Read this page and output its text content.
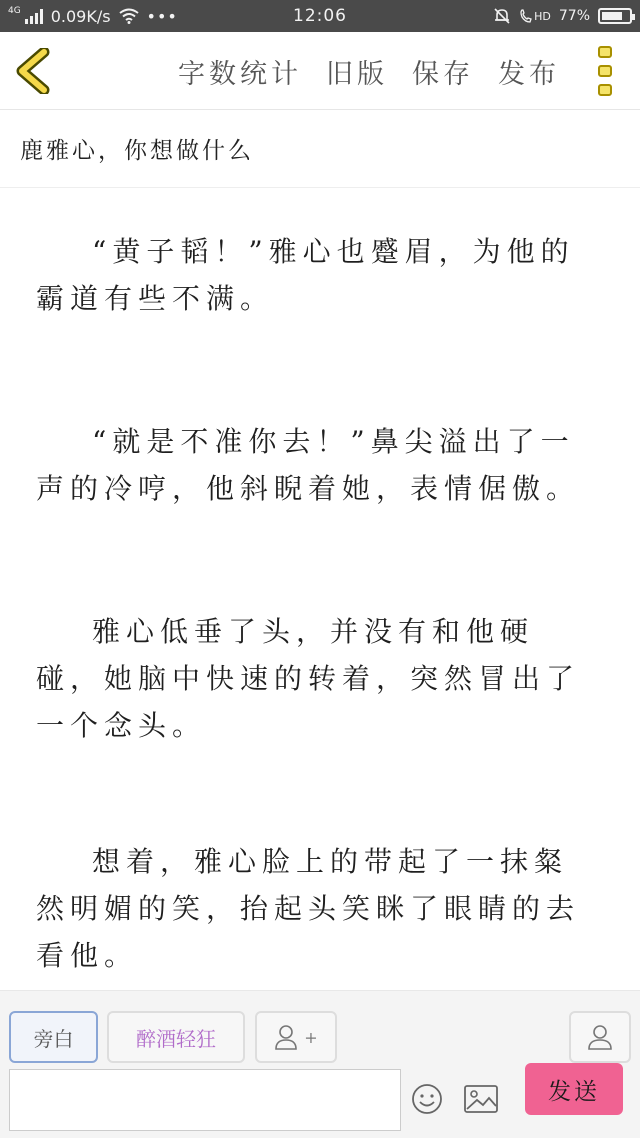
4G 0.09K/s •••	12:06	HD 77%
字数统计 旧版 保存 发布
鹿雅心，你想做什么

“黄子韬！”雅心也蹙眉，为他的霸道有些不满。

“就是不准你去！”鼻尖溢出了一声的冷哼，他斜睨着她，表情倨傲。

雅心低垂了头，并没有和他硬碰，她脑中快速的转着，突然冒出了一个念头。

想着，雅心脸上的带起了一抹粲然明媚的笑，抬起头笑眯了眼睛的去看他。

旁白	醉酒轻狂	+
发送
